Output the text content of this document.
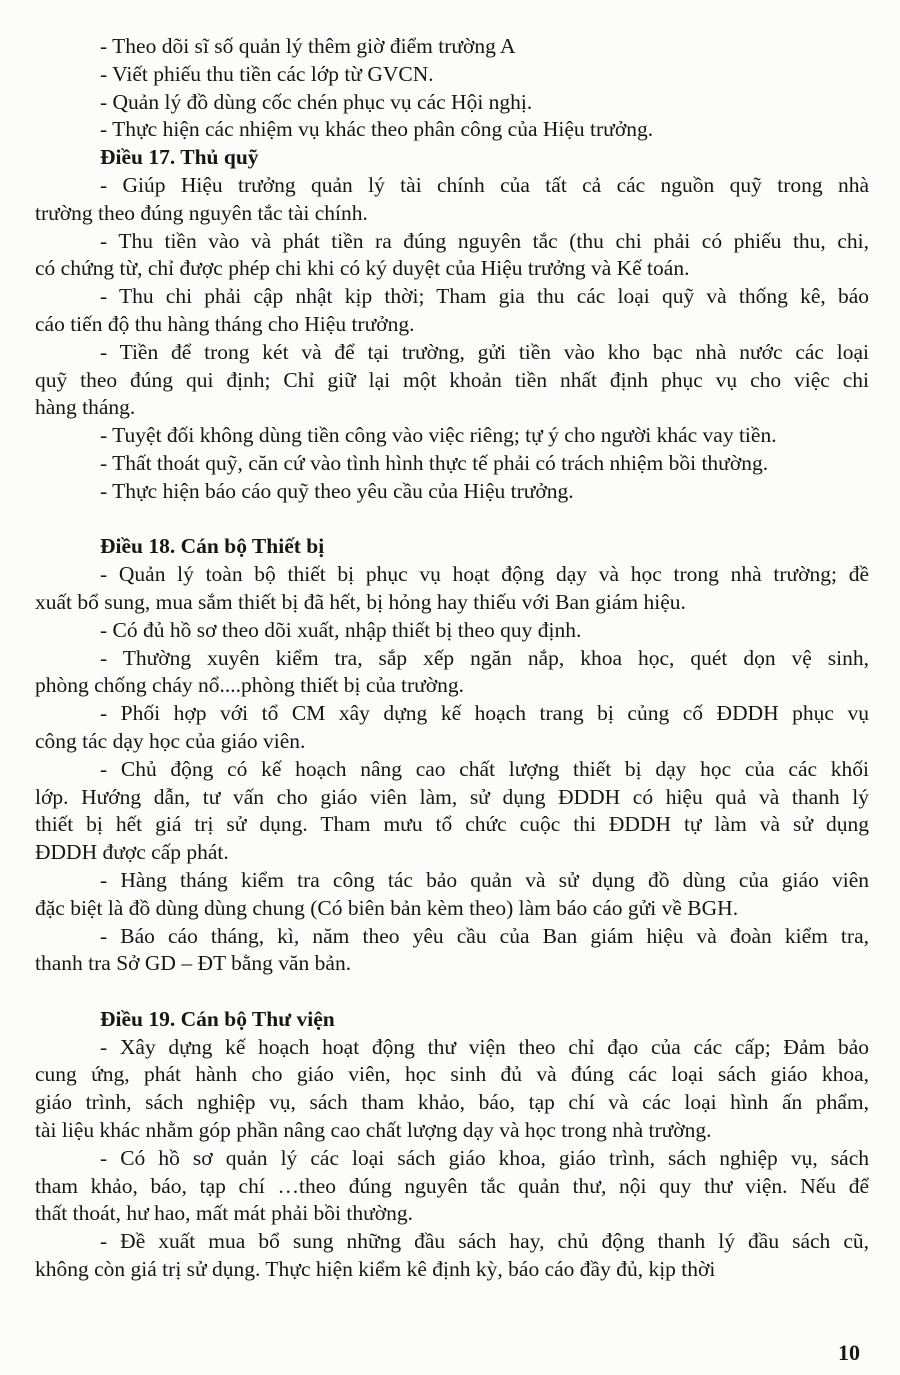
- Theo dõi sĩ số quản lý thêm giờ điểm trường A
- Viết phiếu thu tiền các lớp từ GVCN.
- Quản lý đồ dùng cốc chén phục vụ các Hội nghị.
- Thực hiện các nhiệm vụ khác theo phân công của Hiệu trưởng.
Điều 17. Thủ quỹ
- Giúp Hiệu trưởng quản lý tài chính của tất cả các nguồn quỹ trong nhà
trường theo đúng nguyên tắc tài chính.
- Thu tiền vào và phát tiền ra đúng nguyên tắc (thu chi phải có phiếu thu, chi,
có chứng từ, chỉ được phép chi khi có ký duyệt của Hiệu trưởng và Kế toán.
- Thu chi phải cập nhật kịp thời; Tham gia thu các loại quỹ và thống kê, báo
cáo tiến độ thu hàng tháng cho Hiệu trưởng.
- Tiền để trong két và để tại trường, gửi tiền vào kho bạc nhà nước các loại
quỹ theo đúng qui định; Chỉ giữ lại một khoản tiền nhất định phục vụ cho việc chi
hàng tháng.
- Tuyệt đối không dùng tiền công vào việc riêng; tự ý cho người khác vay tiền.
- Thất thoát quỹ, căn cứ vào tình hình thực tế phải có trách nhiệm bồi thường.
- Thực hiện báo cáo quỹ theo yêu cầu của Hiệu trưởng.
Điều 18. Cán bộ Thiết bị
- Quản lý toàn bộ thiết bị phục vụ hoạt động dạy và học trong nhà trường; đề
xuất bổ sung, mua sắm thiết bị đã hết, bị hỏng hay thiếu với Ban giám hiệu.
- Có đủ hồ sơ theo dõi xuất, nhập thiết bị theo quy định.
- Thường xuyên kiểm tra, sắp xếp ngăn nắp, khoa học, quét dọn vệ sinh,
phòng chống cháy nổ....phòng thiết bị của trường.
- Phối hợp với tổ CM xây dựng kế hoạch trang bị củng cố ĐDDH phục vụ
công tác dạy học của giáo viên.
- Chủ động có kế hoạch nâng cao chất lượng thiết bị dạy học của các khối
lớp. Hướng dẫn, tư vấn cho giáo viên làm, sử dụng ĐDDH có hiệu quả và thanh lý
thiết bị hết giá trị sử dụng. Tham mưu tổ chức cuộc thi ĐDDH tự làm và sử dụng
ĐDDH được cấp phát.
- Hàng tháng kiểm tra công tác bảo quản và sử dụng đồ dùng của giáo viên
đặc biệt là đồ dùng dùng chung (Có biên bản kèm theo) làm báo cáo gửi về BGH.
- Báo cáo tháng, kì, năm theo yêu cầu của Ban giám hiệu và đoàn kiểm tra,
thanh tra Sở GD – ĐT bằng văn bản.
Điều 19. Cán bộ Thư viện
- Xây dựng kế hoạch hoạt động thư viện theo chỉ đạo của các cấp; Đảm bảo
cung ứng, phát hành cho giáo viên, học sinh đủ và đúng các loại sách giáo khoa,
giáo trình, sách nghiệp vụ, sách tham khảo, báo, tạp chí và các loại hình ấn phẩm,
tài liệu khác nhằm góp phần nâng cao chất lượng dạy và học trong nhà trường.
- Có hồ sơ quản lý các loại sách giáo khoa, giáo trình, sách nghiệp vụ, sách
tham khảo, báo, tạp chí …theo đúng nguyên tắc quản thư, nội quy thư viện. Nếu để
thất thoát, hư hao, mất mát phải bồi thường.
- Đề xuất mua bổ sung những đầu sách hay, chủ động thanh lý đầu sách cũ,
không còn giá trị sử dụng. Thực hiện kiểm kê định kỳ, báo cáo đầy đủ, kịp thời
10
